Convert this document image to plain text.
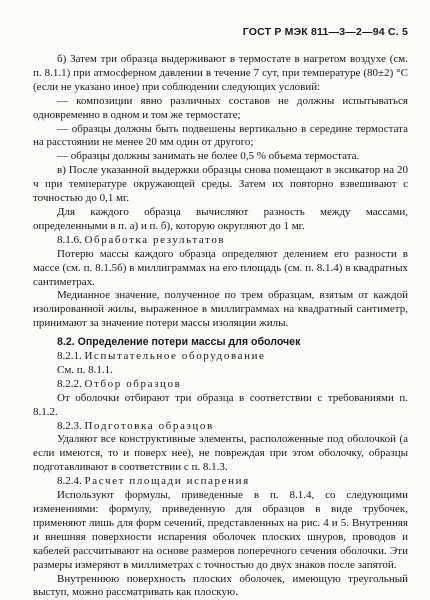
ГОСТ Р МЭК 811—3—2—94 С. 5

б) Затем три образца выдерживают в термостате в нагретом воздухе (см. п. 8.1.1) при атмосферном давлении в течение 7 сут, при температуре (80±2) °С (если не указано иное) при соблюдении следующих условий:

— композиции явно различных составов не должны испытываться одновременно в одном и том же термостате;

— образцы должны быть подвешены вертикально в середине термостата на расстоянии не менее 20 мм один от другого;

— образцы должны занимать не более 0,5 % объема термостата.

в) После указанной выдержки образцы снова помещают в эксикатор на 20 ч при температуре окружающей среды. Затем их повторно взвешивают с точностью до 0,1 мг.

Для каждого образца вычисляют разность между массами, определенными в п. а) и п. б), которую округляют до 1 мг.

8.1.6. Обработка результатов

Потерю массы каждого образца определяют делением его разности в массе (см. п. 8.1.5б) в миллиграммах на его площадь (см. п. 8.1.4) в квадратных сантиметрах.

Медианное значение, полученное по трем образцам, взятым от каждой изолированной жилы, выраженное в миллиграммах на квадратный сантиметр, принимают за значение потери массы изоляции жилы.

8.2. Определение потери массы для оболочек

8.2.1. Испытательное оборудование

См. п. 8.1.1.

8.2.2. Отбор образцов

От оболочки отбирают три образца в соответствии с требованиями п. 8.1.2.

8.2.3. Подготовка образцов

Удаляют все конструктивные элементы, расположенные под оболочкой (а если имеются, то и поверх нее), не повреждая при этом оболочку, образцы подготавливают в соответствии с п. 8.1.3.

8.2.4. Расчет площади испарения

Используют формулы, приведенные в п. 8.1.4, со следующими изменениями: формулу, приведенную для образцов в виде трубочек, применяют лишь для форм сечений, представленных на рис. 4 и 5. Внутренняя и внешняя поверхности испарения оболочек плоских шнуров, проводов и кабелей рассчитывают на основе размеров поперечного сечения оболочки. Эти размеры измеряют в миллиметрах с точностью до двух знаков после запятой.

Внутреннюю поверхность плоских оболочек, имеющую треугольный выступ, можно рассматривать как плоскую.
